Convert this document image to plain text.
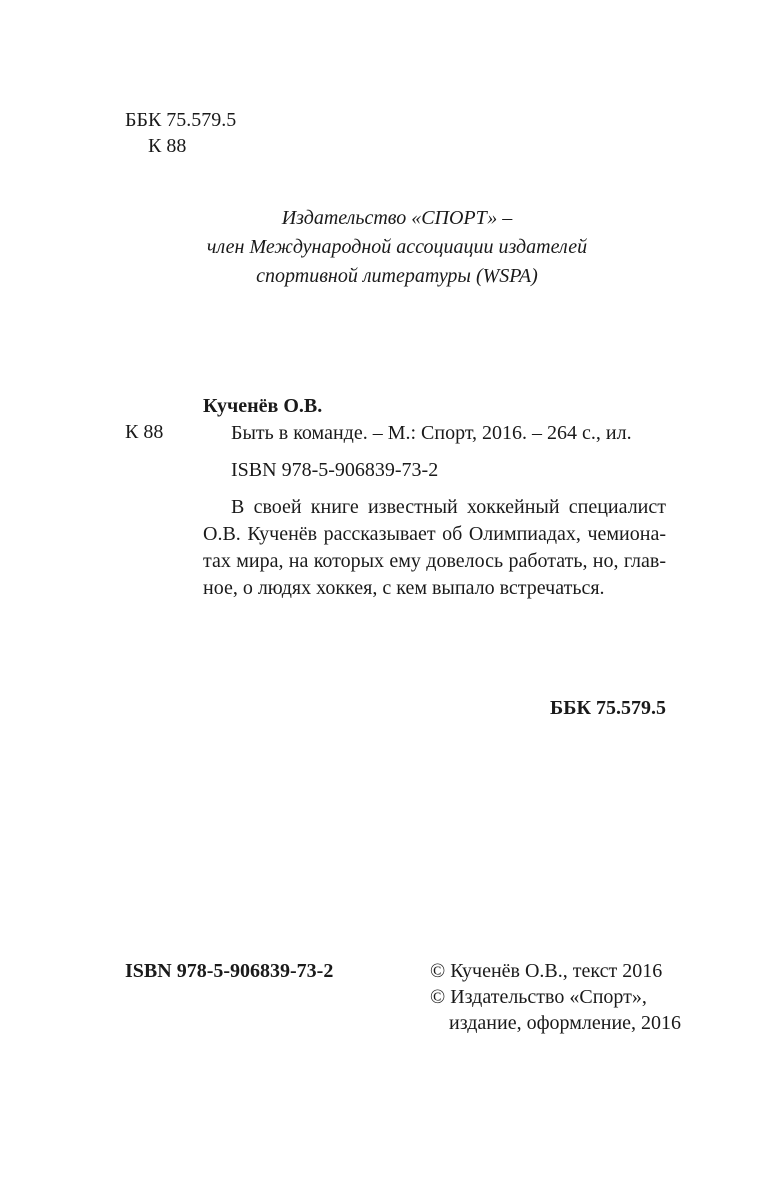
ББК 75.579.5
К 88
Издательство «СПОРТ» –
член Международной ассоциации издателей
спортивной литературы (WSPA)
Кученёв О.В.
К 88	Быть в команде. – М.: Спорт, 2016. – 264 с., ил.
ISBN 978-5-906839-73-2
В своей книге известный хоккейный специалист
О.В. Кученёв рассказывает об Олимпиадах, чемиона-
тах мира, на которых ему довелось работать, но, глав-
ное, о людях хоккея, с кем выпало встречаться.
ББК 75.579.5
ISBN 978-5-906839-73-2	© Кученёв О.В., текст 2016
© Издательство «Спорт»,
издание, оформление, 2016
